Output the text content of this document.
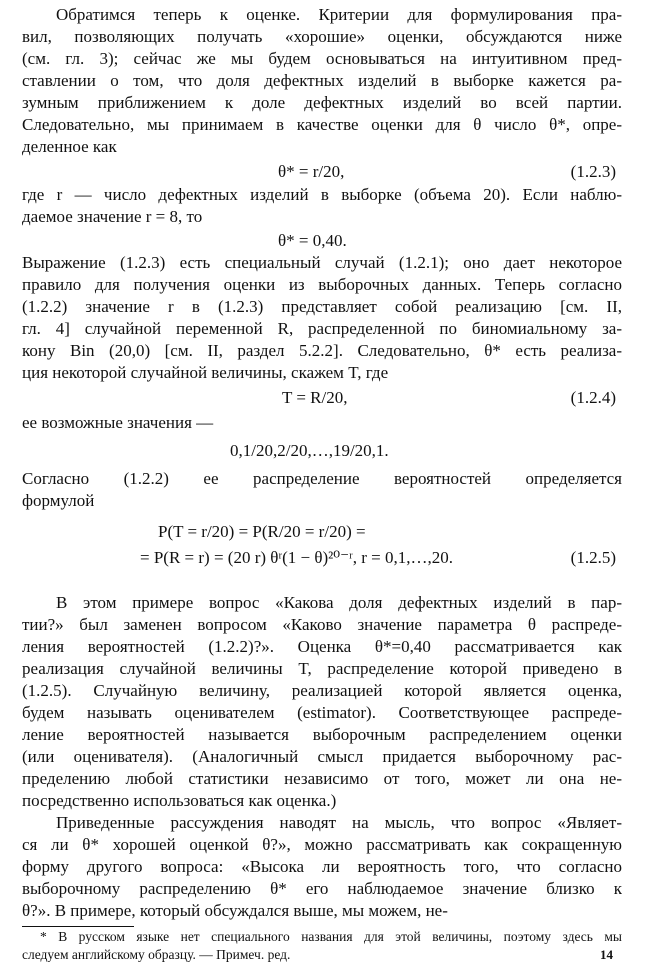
Обратимся теперь к оценке. Критерии для формулирования пра-
вил, позволяющих получать «хорошие» оценки, обсуждаются ниже
(см. гл. 3); сейчас же мы будем основываться на интуитивном пред-
ставлении о том, что доля дефектных изделий в выборке кажется ра-
зумным приближением к доле дефектных изделий во всей партии.
Следовательно, мы принимаем в качестве оценки для θ число θ*, опре-
деленное как
θ* = r/20,	(1.2.3)
где r — число дефектных изделий в выборке (объема 20). Если наблю-
даемое значение r = 8, то
θ* = 0,40.
Выражение (1.2.3) есть специальный случай (1.2.1); оно дает некоторое
правило для получения оценки из выборочных данных. Теперь согласно
(1.2.2) значение r в (1.2.3) представляет собой реализацию [см. II,
гл. 4] случайной переменной R, распределенной по биномиальному за-
кону Bin (20,0) [см. II, раздел 5.2.2]. Следовательно, θ* есть реализа-
ция некоторой случайной величины, скажем T, где
T = R/20,	(1.2.4)
ее возможные значения —
0,1/20,2/20,…,19/20,1.
Согласно (1.2.2) ее распределение вероятностей определяется
формулой
P(T = r/20) = P(R/20 = r/20) =
= P(R = r) = (20 r) θʳ(1 − θ)²⁰⁻ʳ, r = 0,1,…,20.	(1.2.5)
В этом примере вопрос «Какова доля дефектных изделий в пар-
тии?» был заменен вопросом «Каково значение параметра θ распреде-
ления вероятностей (1.2.2)?». Оценка θ*=0,40 рассматривается как
реализация случайной величины T, распределение которой приведено в
(1.2.5). Случайную величину, реализацией которой является оценка,
будем называть оценивателем (estimator). Соответствующее распреде-
ление вероятностей называется выборочным распределением оценки
(или оценивателя). (Аналогичный смысл придается выборочному рас-
пределению любой статистики независимо от того, может ли она не-
посредственно использоваться как оценка.)
* В русском языке нет специального названия для этой величины, поэтому здесь мы
следуем английскому образцу. — Примеч. ред.	14
Приведенные рассуждения наводят на мысль, что вопрос «Являет-
ся ли θ* хорошей оценкой θ?», можно рассматривать как сокращенную
форму другого вопроса: «Высока ли вероятность того, что согласно
выборочному распределению θ* его наблюдаемое значение близко к
θ?». В примере, который обсуждался выше, мы можем, не-
